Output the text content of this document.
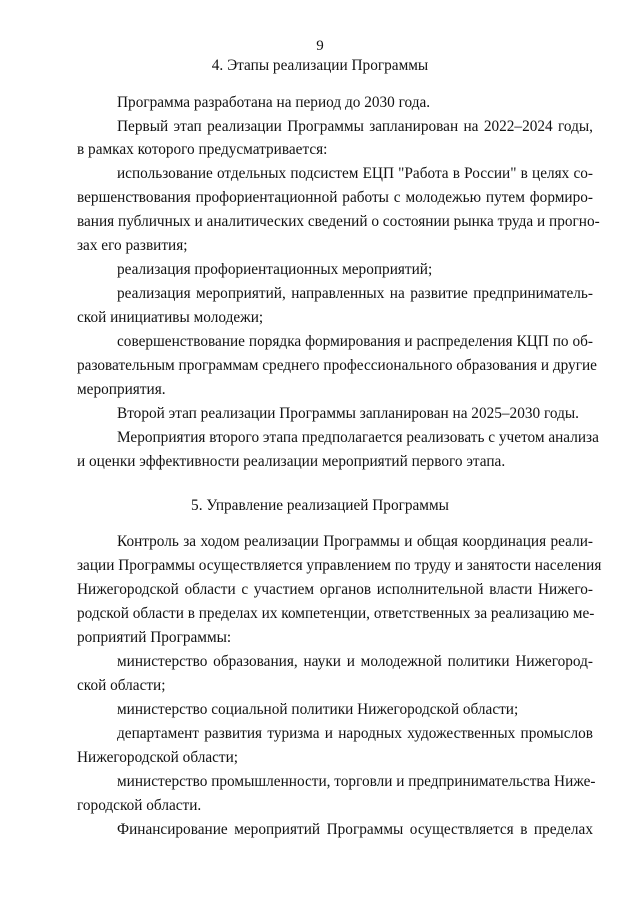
9
4. Этапы реализации Программы
Программа разработана на период до 2030 года.
Первый этап реализации Программы запланирован на 2022–2024 годы,
в рамках которого предусматривается:
использование отдельных подсистем ЕЦП "Работа в России" в целях со-
вершенствования профориентационной работы с молодежью путем формиро-
вания публичных и аналитических сведений о состоянии рынка труда и прогно-
зах его развития;
реализация профориентационных мероприятий;
реализация мероприятий, направленных на развитие предприниматель-
ской инициативы молодежи;
совершенствование порядка формирования и распределения КЦП по об-
разовательным программам среднего профессионального образования и другие
мероприятия.
Второй этап реализации Программы запланирован на 2025–2030 годы.
Мероприятия второго этапа предполагается реализовать с учетом анализа
и оценки эффективности реализации мероприятий первого этапа.
5. Управление реализацией Программы
Контроль за ходом реализации Программы и общая координация реали-
зации Программы осуществляется управлением по труду и занятости населения
Нижегородской области с участием органов исполнительной власти Нижего-
родской области в пределах их компетенции, ответственных за реализацию ме-
роприятий Программы:
министерство образования, науки и молодежной политики Нижегород-
ской области;
министерство социальной политики Нижегородской области;
департамент развития туризма и народных художественных промыслов
Нижегородской области;
министерство промышленности, торговли и предпринимательства Ниже-
городской области.
Финансирование мероприятий Программы осуществляется в пределах
